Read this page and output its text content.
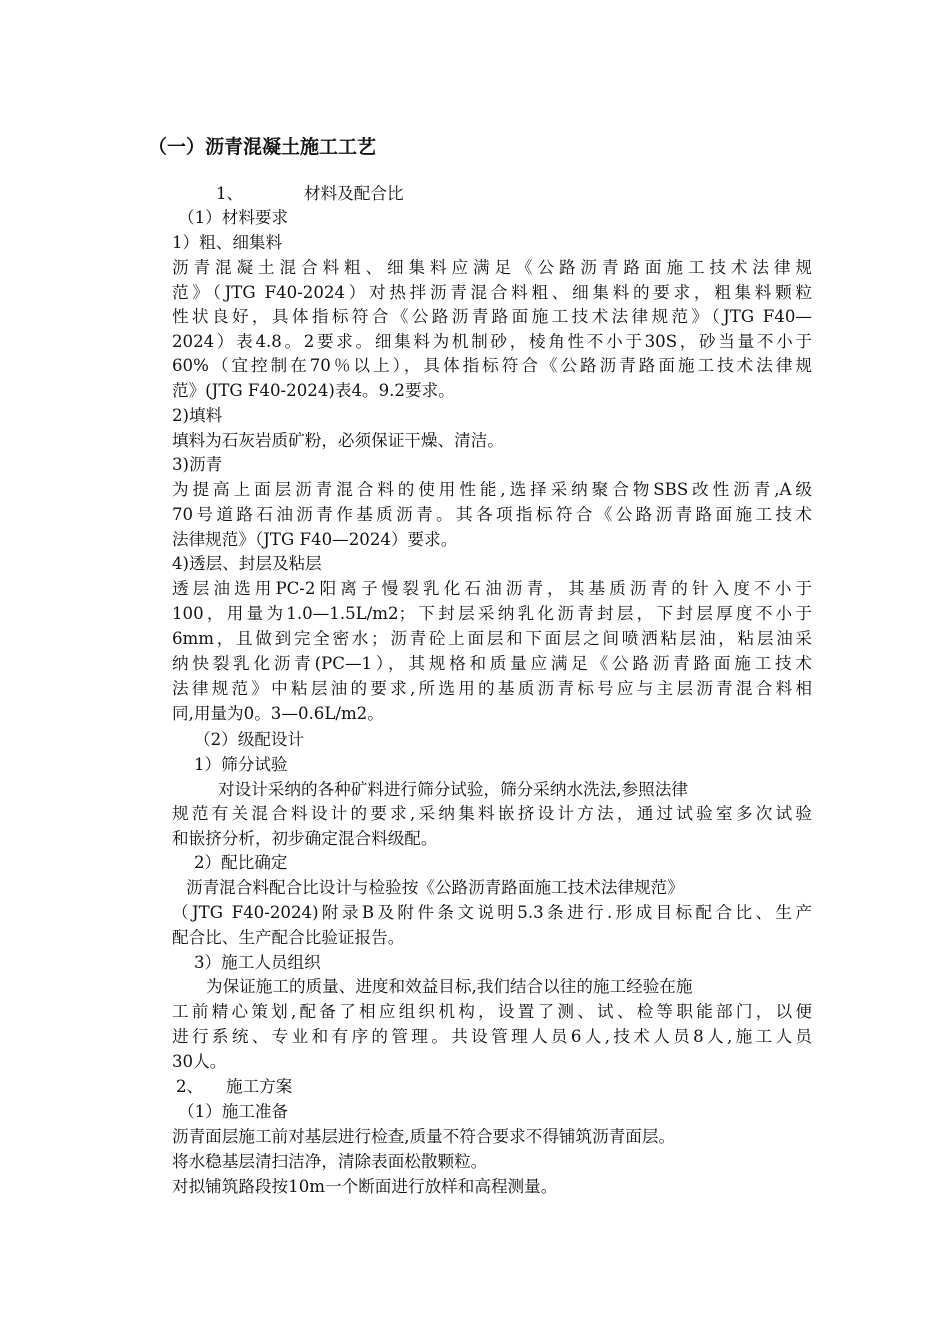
（一）沥青混凝土施工工艺
1、	材料及配合比
（1）材料要求
1）粗、细集料
沥青混凝土混合料粗、细集料应满足《公路沥青路面施工技术法律规
范》（JTG F40-2024）对热拌沥青混合料粗、细集料的要求，粗集料颗粒
性状良好，具体指标符合《公路沥青路面施工技术法律规范》（JTG F40—
2024）表4.8。2要求。细集料为机制砂，棱角性不小于30S，砂当量不小于
60%（宜控制在70％以上），具体指标符合《公路沥青路面施工技术法律规
范》(JTG F40-2024)表4。9.2要求。
2)填料
填料为石灰岩质矿粉，必须保证干燥、清洁。
3)沥青
为提高上面层沥青混合料的使用性能,选择采纳聚合物SBS改性沥青,A级
70号道路石油沥青作基质沥青。其各项指标符合《公路沥青路面施工技术
法律规范》（JTG F40—2024）要求。
4)透层、封层及粘层
透层油选用PC-2阳离子慢裂乳化石油沥青，其基质沥青的针入度不小于
100，用量为1.0—1.5L/m2；下封层采纳乳化沥青封层，下封层厚度不小于
6mm，且做到完全密水；沥青砼上面层和下面层之间喷洒粘层油，粘层油采
纳快裂乳化沥青(PC—1），其规格和质量应满足《公路沥青路面施工技术
法律规范》中粘层油的要求,所选用的基质沥青标号应与主层沥青混合料相
同,用量为0。3—0.6L/m2。
（2）级配设计
1）筛分试验
对设计采纳的各种矿料进行筛分试验，筛分采纳水洗法,参照法律
规范有关混合料设计的要求,采纳集料嵌挤设计方法，通过试验室多次试验
和嵌挤分析，初步确定混合料级配。
2）配比确定
沥青混合料配合比设计与检验按《公路沥青路面施工技术法律规范》
（JTG F40-2024)附录B及附件条文说明5.3条进行.形成目标配合比、生产
配合比、生产配合比验证报告。
3）施工人员组织
为保证施工的质量、进度和效益目标,我们结合以往的施工经验在施
工前精心策划,配备了相应组织机构，设置了测、试、检等职能部门，以便
进行系统、专业和有序的管理。共设管理人员6人,技术人员8人,施工人员
30人。
2、 施工方案
（1）施工准备
沥青面层施工前对基层进行检查,质量不符合要求不得铺筑沥青面层。
将水稳基层清扫洁净，清除表面松散颗粒。
对拟铺筑路段按10m一个断面进行放样和高程测量。
